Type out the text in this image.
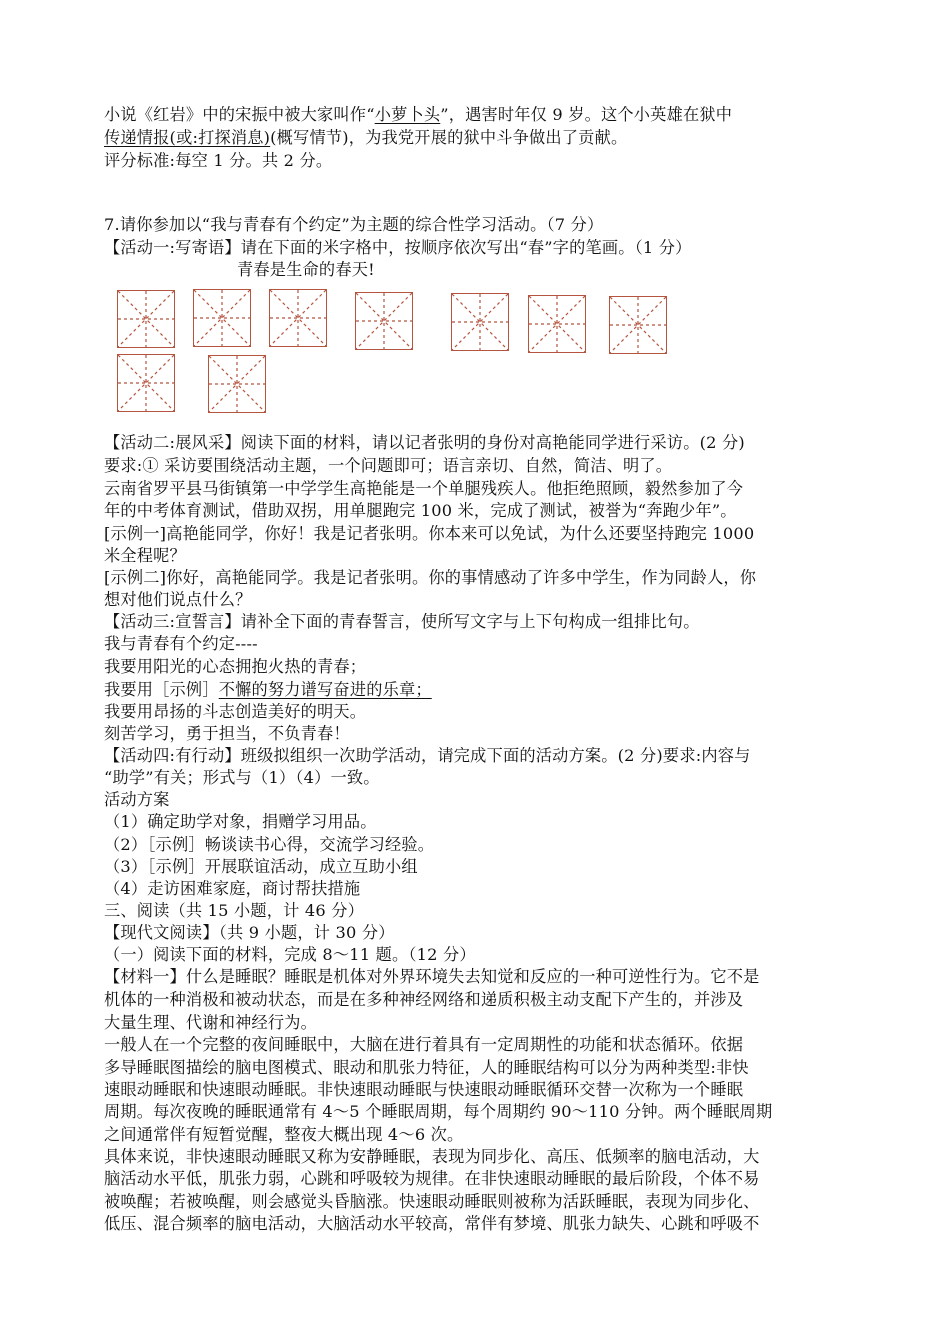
小说《红岩》中的宋振中被大家叫作“小萝卜头”，遇害时年仅 9 岁。这个小英雄在狱中
传递情报(或:打探消息)(概写情节)，为我党开展的狱中斗争做出了贡献。
评分标准:每空 1 分。共 2 分。
7.请你参加以“我与青春有个约定”为主题的综合性学习活动。（7 分）
【活动一:写寄语】请在下面的米字格中，按顺序依次写出“春”字的笔画。（1 分）
青春是生命的春天!
【活动二:展风采】阅读下面的材料，请以记者张明的身份对高艳能同学进行采访。(2 分)
要求:① 采访要围绕活动主题，一个问题即可；语言亲切、自然，简洁、明了。
云南省罗平县马街镇第一中学学生高艳能是一个单腿残疾人。他拒绝照顾，毅然参加了今
年的中考体育测试，借助双拐，用单腿跑完 100 米，完成了测试，被誉为“奔跑少年”。
[示例一]高艳能同学，你好！我是记者张明。你本来可以免试，为什么还要坚持跑完 1000
米全程呢？
[示例二]你好，高艳能同学。我是记者张明。你的事情感动了许多中学生，作为同龄人，你
想对他们说点什么？
【活动三:宣誓言】请补全下面的青春誓言，使所写文字与上下句构成一组排比句。
我与青春有个约定----
我要用阳光的心态拥抱火热的青春；
我要用［示例］不懈的努力谱写奋进的乐章；
我要用昂扬的斗志创造美好的明天。
刻苦学习，勇于担当，不负青春！
【活动四:有行动】班级拟组织一次助学活动，请完成下面的活动方案。(2 分)要求:内容与
“助学”有关；形式与（1）（4）一致。
活动方案
（1）确定助学对象，捐赠学习用品。
（2）［示例］畅谈读书心得，交流学习经验。
（3）［示例］开展联谊活动，成立互助小组
（4）走访困难家庭，商讨帮扶措施
三、阅读（共 15 小题，计 46 分）
【现代文阅读】（共 9 小题，计 30 分）
（一）阅读下面的材料，完成 8～11 题。（12 分）
【材料一】什么是睡眠？睡眠是机体对外界环境失去知觉和反应的一种可逆性行为。它不是
机体的一种消极和被动状态，而是在多种神经网络和递质积极主动支配下产生的，并涉及
大量生理、代谢和神经行为。
一般人在一个完整的夜间睡眠中，大脑在进行着具有一定周期性的功能和状态循环。依据
多导睡眠图描绘的脑电图模式、眼动和肌张力特征，人的睡眠结构可以分为两种类型:非快
速眼动睡眠和快速眼动睡眠。非快速眼动睡眠与快速眼动睡眠循环交替一次称为一个睡眠
周期。每次夜晚的睡眠通常有 4～5 个睡眠周期，每个周期约 90～110 分钟。两个睡眠周期
之间通常伴有短暂觉醒，整夜大概出现 4～6 次。
具体来说，非快速眼动睡眠又称为安静睡眠，表现为同步化、高压、低频率的脑电活动，大
脑活动水平低，肌张力弱，心跳和呼吸较为规律。在非快速眼动睡眠的最后阶段，个体不易
被唤醒；若被唤醒，则会感觉头昏脑涨。快速眼动睡眠则被称为活跃睡眠，表现为同步化、
低压、混合频率的脑电活动，大脑活动水平较高，常伴有梦境、肌张力缺失、心跳和呼吸不
